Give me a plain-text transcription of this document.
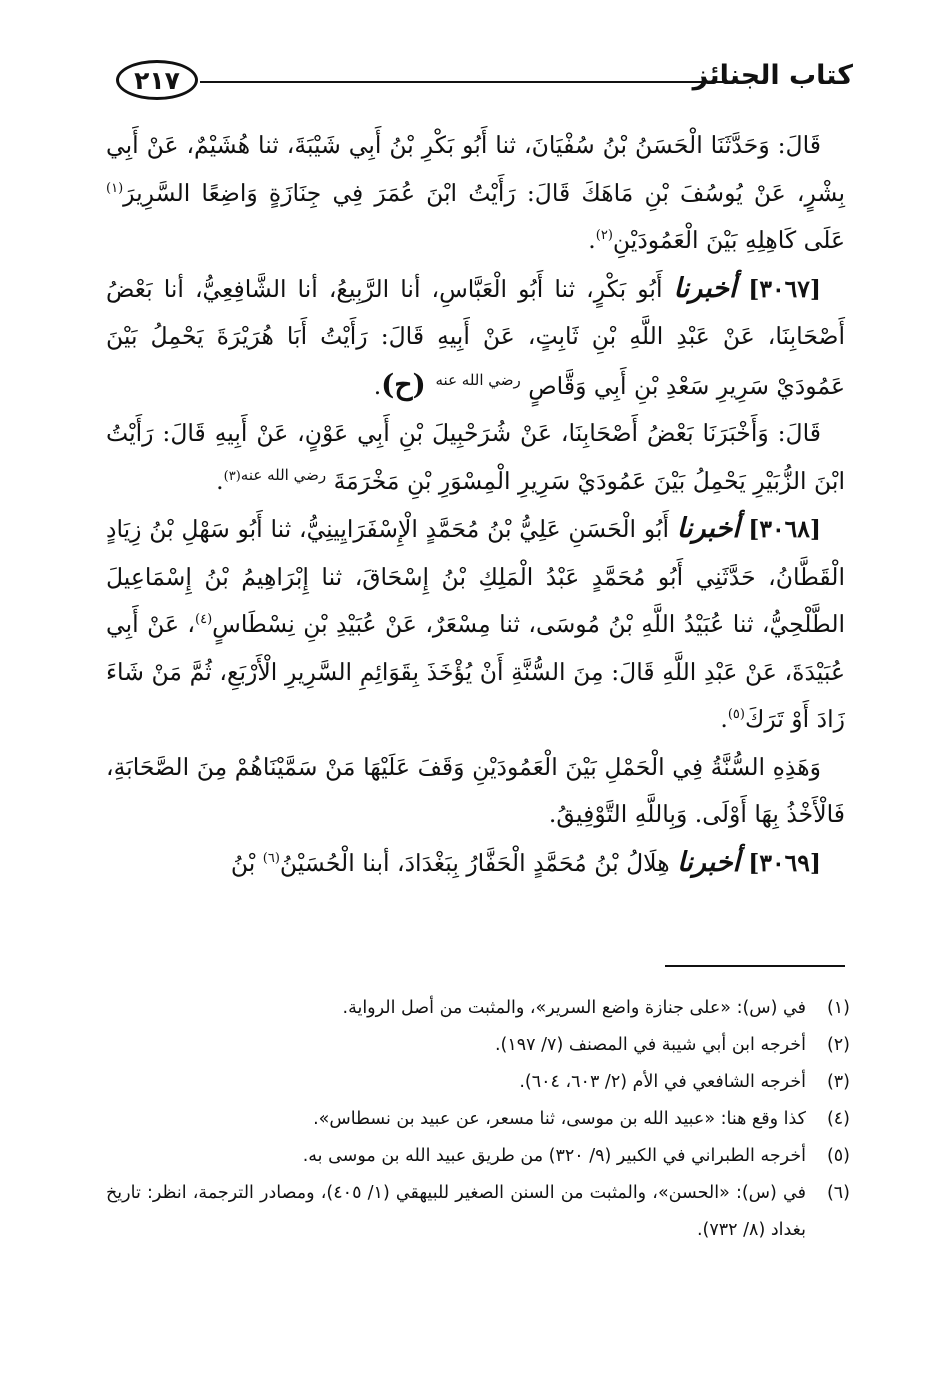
كتاب الجنائز
٢١٧

قَالَ: وَحَدَّثَنَا الْحَسَنُ بْنُ سُفْيَانَ، ثنا أَبُو بَكْرِ بْنُ أَبِي شَيْبَةَ، ثنا هُشَيْمٌ، عَنْ أَبِي بِشْرٍ، عَنْ يُوسُفَ بْنِ مَاهَكَ قَالَ: رَأَيْتُ ابْنَ عُمَرَ فِي جِنَازَةٍ وَاضِعًا السَّرِيرَ$^{(١)}$ عَلَى كَاهِلِهِ بَيْنَ الْعَمُودَيْنِ$^{(٢)}$.

[٣٠٦٧] أخبرنا أَبُو بَكْرٍ، ثنا أَبُو الْعَبَّاسِ، أنا الرَّبِيعُ، أنا الشَّافِعِيُّ، أنا بَعْضُ أَصْحَابِنَا، عَنْ عَبْدِ اللَّهِ بْنِ ثَابِتٍ، عَنْ أَبِيهِ قَالَ: رَأَيْتُ أَبَا هُرَيْرَةَ يَحْمِلُ بَيْنَ عَمُودَيْ سَرِيرِ سَعْدِ بْنِ أَبِي وَقَّاصٍ $^{رضي الله عنه}$ (ح).

قَالَ: وَأَخْبَرَنَا بَعْضُ أَصْحَابِنَا، عَنْ شُرَحْبِيلَ بْنِ أَبِي عَوْنٍ، عَنْ أَبِيهِ قَالَ: رَأَيْتُ ابْنَ الزُّبَيْرِ يَحْمِلُ بَيْنَ عَمُودَيْ سَرِيرِ الْمِسْوَرِ بْنِ مَخْرَمَةَ $^{رضي الله عنه(٣)}$.

[٣٠٦٨] أخبرنا أَبُو الْحَسَنِ عَلِيُّ بْنُ مُحَمَّدٍ الْإِسْفَرَايِينِيُّ، ثنا أَبُو سَهْلِ بْنُ زِيَادٍ الْقَطَّانُ، حَدَّثَنِي أَبُو مُحَمَّدٍ عَبْدُ الْمَلِكِ بْنُ إِسْحَاقَ، ثنا إِبْرَاهِيمُ بْنُ إِسْمَاعِيلَ الطَّلْحِيُّ، ثنا عُبَيْدُ اللَّهِ بْنُ مُوسَى، ثنا مِسْعَرٌ، عَنْ عُبَيْدِ بْنِ نِسْطَاسٍ$^{(٤)}$، عَنْ أَبِي عُبَيْدَةَ، عَنْ عَبْدِ اللَّهِ قَالَ: مِنَ السُّنَّةِ أَنْ يُؤْخَذَ بِقَوَائِمِ السَّرِيرِ الْأَرْبَعِ، ثُمَّ مَنْ شَاءَ زَادَ أَوْ تَرَكَ$^{(٥)}$.

وَهَذِهِ السُّنَّةُ فِي الْحَمْلِ بَيْنَ الْعَمُودَيْنِ وَقَفَ عَلَيْهَا مَنْ سَمَّيْنَاهُمْ مِنَ الصَّحَابَةِ، فَالْأَخْذُ بِهَا أَوْلَى. وَبِاللَّهِ التَّوْفِيقُ.

[٣٠٦٩] أخبرنا هِلَالُ بْنُ مُحَمَّدٍ الْحَفَّارُ بِبَغْدَادَ، أبنا الْحُسَيْنُ$^{(٦)}$ بْنُ

(١)
في (س): «على جنازة واضع السرير»، والمثبت من أصل الرواية.
(٢)
أخرجه ابن أبي شيبة في المصنف (٧/ ١٩٧).
(٣)
أخرجه الشافعي في الأم (٢/ ٦٠٣، ٦٠٤).
(٤)
كذا وقع هنا: «عبيد الله بن موسى، ثنا مسعر، عن عبيد بن نسطاس».
(٥)
أخرجه الطبراني في الكبير (٩/ ٣٢٠) من طريق عبيد الله بن موسى به.
(٦)
في (س): «الحسن»، والمثبت من السنن الصغير للبيهقي (١/ ٤٠٥)، ومصادر الترجمة، انظر: تاريخ بغداد (٨/ ٧٣٢).
